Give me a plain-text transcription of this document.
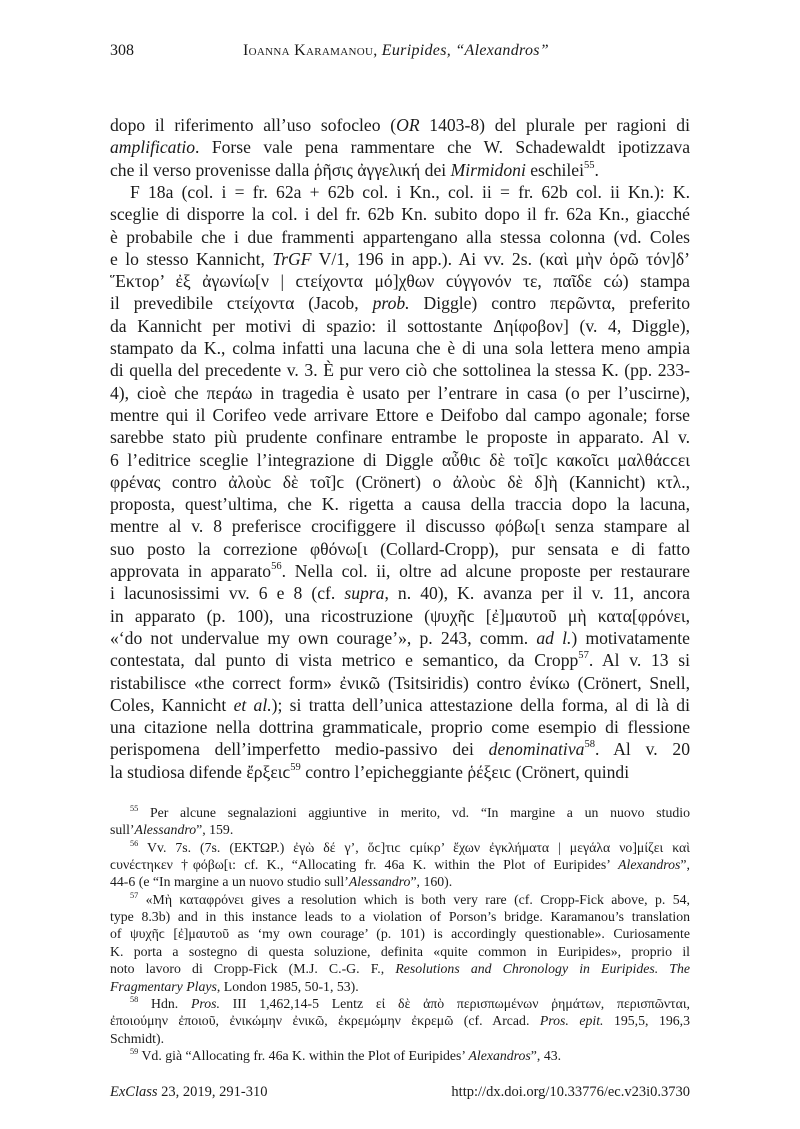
308	Ioanna Karamanou, Euripides, “Alexandros”
dopo il riferimento all’uso sofocleo (OR 1403-8) del plurale per ragioni di
amplificatio. Forse vale pena rammentare che W. Schadewaldt ipotizzava
che il verso provenisse dalla ῥῆσις ἀγγελική dei Mirmidoni eschilei$^{55}$.
F 18a (col. i = fr. 62a + 62b col. i Kn., col. ii = fr. 62b col. ii Kn.): K.
sceglie di disporre la col. i del fr. 62b Kn. subito dopo il fr. 62a Kn., giacché
è probabile che i due frammenti appartengano alla stessa colonna (vd. Coles
e lo stesso Kannicht, TrGF V/1, 196 in app.). Ai vv. 2s. (καὶ μὴν ὁρῶ τόν]δ’
Ἕκτορ’ ἐξ ἀγωνίω[ν | ϲτείχοντα μό]χθων ϲύγγονόν τε, παῖδε ϲώ) stampa
il prevedibile ϲτείχοντα (Jacob, prob. Diggle) contro περῶντα, preferito
da Kannicht per motivi di spazio: il sottostante Δηίφοβον] (v. 4, Diggle),
stampato da K., colma infatti una lacuna che è di una sola lettera meno ampia
di quella del precedente v. 3. È pur vero ciò che sottolinea la stessa K. (pp. 233-
4), cioè che περάω in tragedia è usato per l’entrare in casa (o per l’uscirne),
mentre qui il Corifeo vede arrivare Ettore e Deifobo dal campo agonale; forse
sarebbe stato più prudente confinare entrambe le proposte in apparato. Al v.
6 l’editrice sceglie l’integrazione di Diggle αὖθιϲ δὲ τοῖ]ϲ κακοῖϲι μαλθάϲϲει
φρένας contro ἀλοὺϲ δὲ τοῖ]ϲ (Crönert) o ἀλοὺϲ δὲ δ]ὴ (Kannicht) κτλ.,
proposta, quest’ultima, che K. rigetta a causa della traccia dopo la lacuna,
mentre al v. 8 preferisce crocifiggere il discusso φόβω[ι senza stampare al
suo posto la correzione φθόνω[ι (Collard-Cropp), pur sensata e di fatto
approvata in apparato$^{56}$. Nella col. ii, oltre ad alcune proposte per restaurare
i lacunosissimi vv. 6 e 8 (cf. supra, n. 40), K. avanza per il v. 11, ancora
in apparato (p. 100), una ricostruzione (ψυχῆϲ [ἐ]μαυτοῦ μὴ κατα[φρόνει,
«‘do not undervalue my own courage’», p. 243, comm. ad l.) motivatamente
contestata, dal punto di vista metrico e semantico, da Cropp$^{57}$. Al v. 13 si
ristabilisce «the correct form» ἐνικῶ (Tsitsiridis) contro ἐνίκω (Crönert, Snell,
Coles, Kannicht et al.); si tratta dell’unica attestazione della forma, al di là di
una citazione nella dottrina grammaticale, proprio come esempio di flessione
perispomena dell’imperfetto medio-passivo dei denominativa$^{58}$. Al v. 20
la studiosa difende ἔρξειϲ$^{59}$ contro l’epicheggiante ῥέξειϲ (Crönert, quindi
$^{55}$ Per alcune segnalazioni aggiuntive in merito, vd. “In margine a un nuovo studio
sull’Alessandro”, 159.
$^{56}$ Vv. 7s. (7s. (ΕΚΤΩΡ.) ἐγὼ δέ γ’, ὅϲ]τιϲ ϲμίκρ’ ἔχων ἐγκλήματα | μεγάλα νο]μίζει καὶ
ϲυνέϲτηκεν †φόβω[ι: cf. K., “Allocating fr. 46a K. within the Plot of Euripides’ Alexandros”,
44-6 (e “In margine a un nuovo studio sull’Alessandro”, 160).
$^{57}$ «Μὴ καταφρόνει gives a resolution which is both very rare (cf. Cropp-Fick above, p. 54,
type 8.3b) and in this instance leads to a violation of Porson’s bridge. Karamanou’s translation
of ψυχῆϲ [ἐ]μαυτοῦ as ‘my own courage’ (p. 101) is accordingly questionable». Curiosamente
K. porta a sostegno di questa soluzione, definita «quite common in Euripides», proprio il
noto lavoro di Cropp-Fick (M.J. C.-G. F., Resolutions and Chronology in Euripides. The
Fragmentary Plays, London 1985, 50-1, 53).
$^{58}$ Hdn. Pros. III 1,462,14-5 Lentz εἰ δὲ ἀπὸ περισπωμένων ῥημάτων, περισπῶνται,
ἐποιούμην ἐποιοῦ, ἐνικώμην ἐνικῶ, ἐκρεμώμην ἐκρεμῶ (cf. Arcad. Pros. epit. 195,5, 196,3
Schmidt).
$^{59}$ Vd. già “Allocating fr. 46a K. within the Plot of Euripides’ Alexandros”, 43.
ExClass 23, 2019, 291-310	http://dx.doi.org/10.33776/ec.v23i0.3730
